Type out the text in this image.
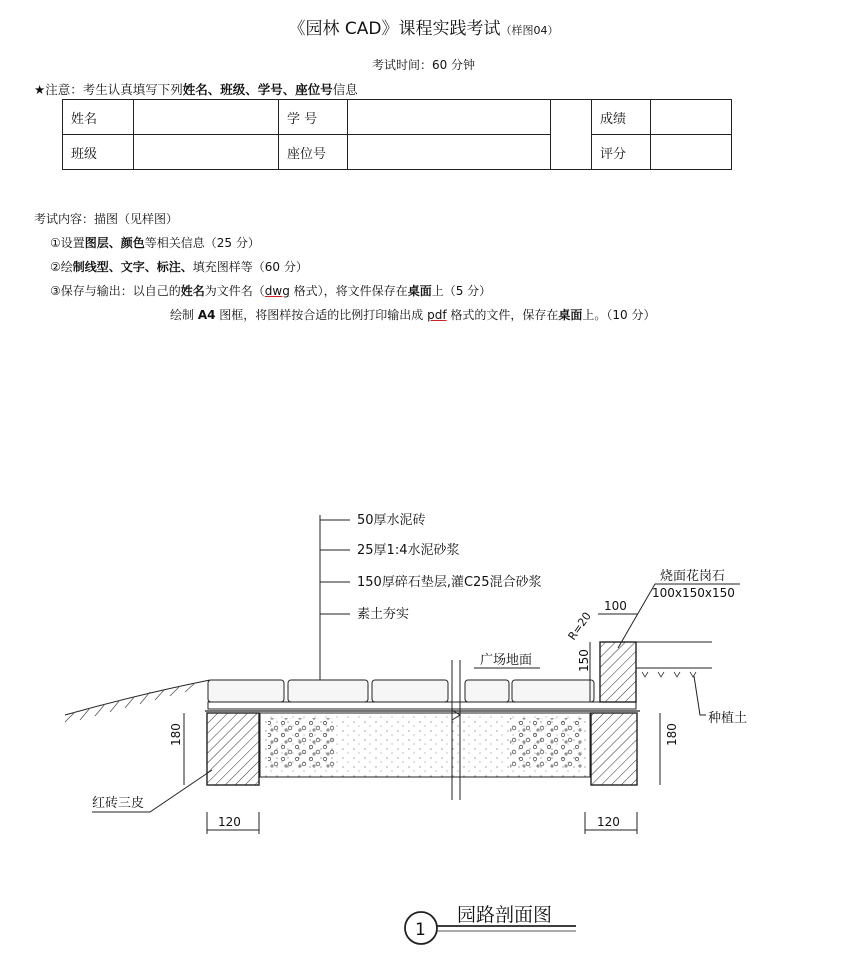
《园林 CAD》课程实践考试（样图04）
考试时间：60 分钟
★注意：考生认真填写下列姓名、班级、学号、座位号信息
姓名		学 号			成绩	
班级		座位号			评分	
考试内容：描图（见样图）
①设置图层、颜色等相关信息（25 分）
②绘制线型、文字、标注、填充图样等（60 分）
③保存与输出：以自己的姓名为文件名（dwg 格式），将文件保存在桌面上（5 分）
绘制 A4 图框，将图样按合适的比例打印输出成 pdf 格式的文件，保存在桌面上。（10 分）
50厚水泥砖
25厚1:4水泥砂浆
150厚碎石垫层,灌C25混合砂浆
素土夯实
烧面花岗石
100x150x150
100
R=20
150
广场地面
种植土
180	180
红砖三皮
120	120
1
园路剖面图
